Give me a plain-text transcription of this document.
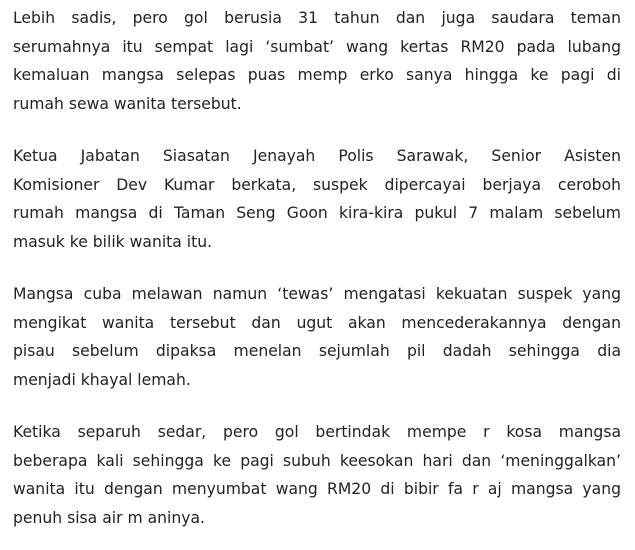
Lebih sadis, pero gol berusia 31 tahun dan juga saudara teman
serumahnya itu sempat lagi ‘sumbat’ wang kertas RM20 pada lubang
kemaluan mangsa selepas puas memp erko sanya hingga ke pagi di
rumah sewa wanita tersebut.

Ketua Jabatan Siasatan Jenayah Polis Sarawak, Senior Asisten
Komisioner Dev Kumar berkata, suspek dipercayai berjaya ceroboh
rumah mangsa di Taman Seng Goon kira-kira pukul 7 malam sebelum
masuk ke bilik wanita itu.

Mangsa cuba melawan namun ‘tewas’ mengatasi kekuatan suspek yang
mengikat wanita tersebut dan ugut akan mencederakannya dengan
pisau sebelum dipaksa menelan sejumlah pil dadah sehingga dia
menjadi khayal lemah.

Ketika separuh sedar, pero gol bertindak mempe r kosa mangsa
beberapa kali sehingga ke pagi subuh keesokan hari dan ‘meninggalkan’
wanita itu dengan menyumbat wang RM20 di bibir fa r aj mangsa yang
penuh sisa air m aninya.
